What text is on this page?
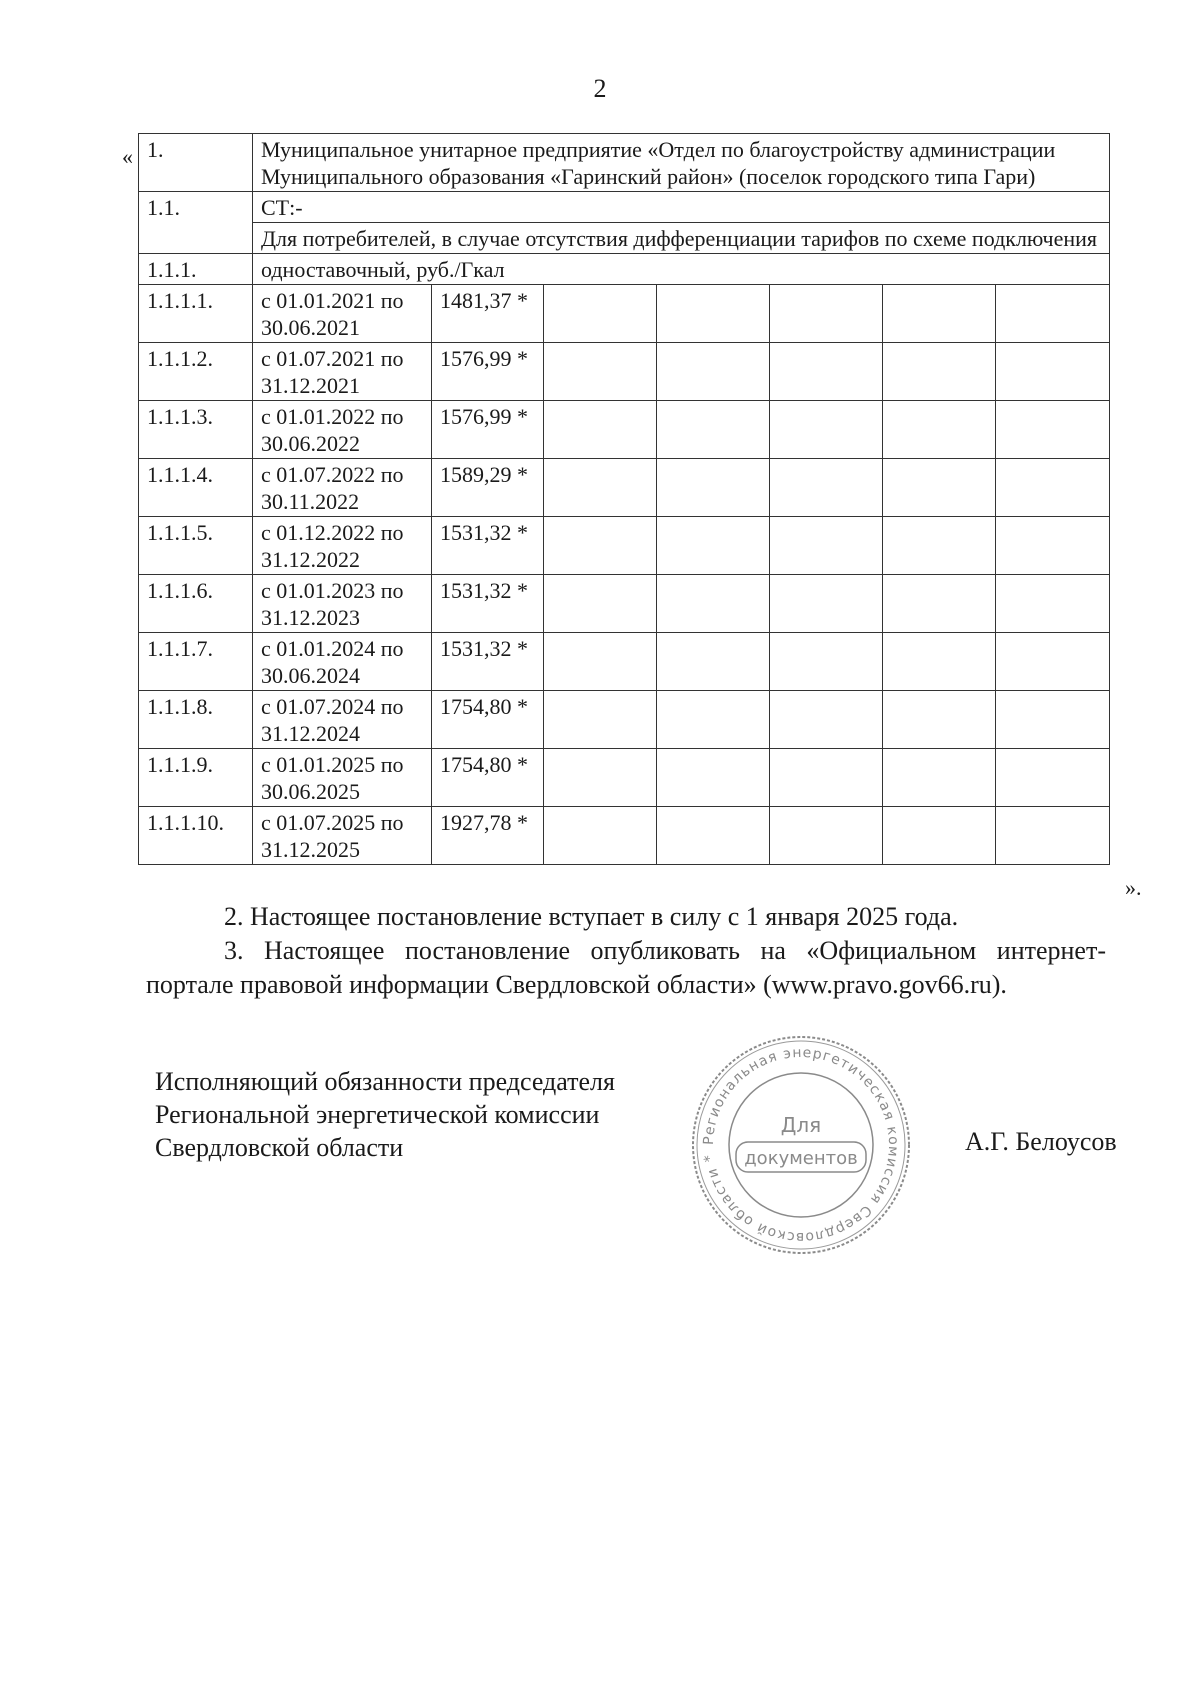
2
« 1.	Муниципальное унитарное предприятие «Отдел по благоустройству администрации Муниципального образования «Гаринский район» (поселок городского типа Гари)						
1.1.	СТ:-						
	Для потребителей, в случае отсутствия дифференциации тарифов по схеме подключения						
1.1.1.	одноставочный, руб./Гкал						
1.1.1.1.	с 01.01.2021 по 30.06.2021	1481,37 *					
1.1.1.2.	с 01.07.2021 по 31.12.2021	1576,99 *					
1.1.1.3.	с 01.01.2022 по 30.06.2022	1576,99 *					
1.1.1.4.	с 01.07.2022 по 30.11.2022	1589,29 *					
1.1.1.5.	с 01.12.2022 по 31.12.2022	1531,32 *					
1.1.1.6.	с 01.01.2023 по 31.12.2023	1531,32 *					
1.1.1.7.	с 01.01.2024 по 30.06.2024	1531,32 *					
1.1.1.8.	с 01.07.2024 по 31.12.2024	1754,80 *					
1.1.1.9.	с 01.01.2025 по 30.06.2025	1754,80 *					
1.1.1.10.	с 01.07.2025 по 31.12.2025	1927,78 *					
».
2. Настоящее постановление вступает в силу с 1 января 2025 года.
3. Настоящее постановление опубликовать на «Официальном интернет-портале правовой информации Свердловской области» (www.pravo.gov66.ru).
Исполняющий обязанности председателя
Региональной энергетической комиссии
Свердловской области	Региональная энергетическая комиссия Свердловской области *
Для
документов
А.Г. Белоусов
